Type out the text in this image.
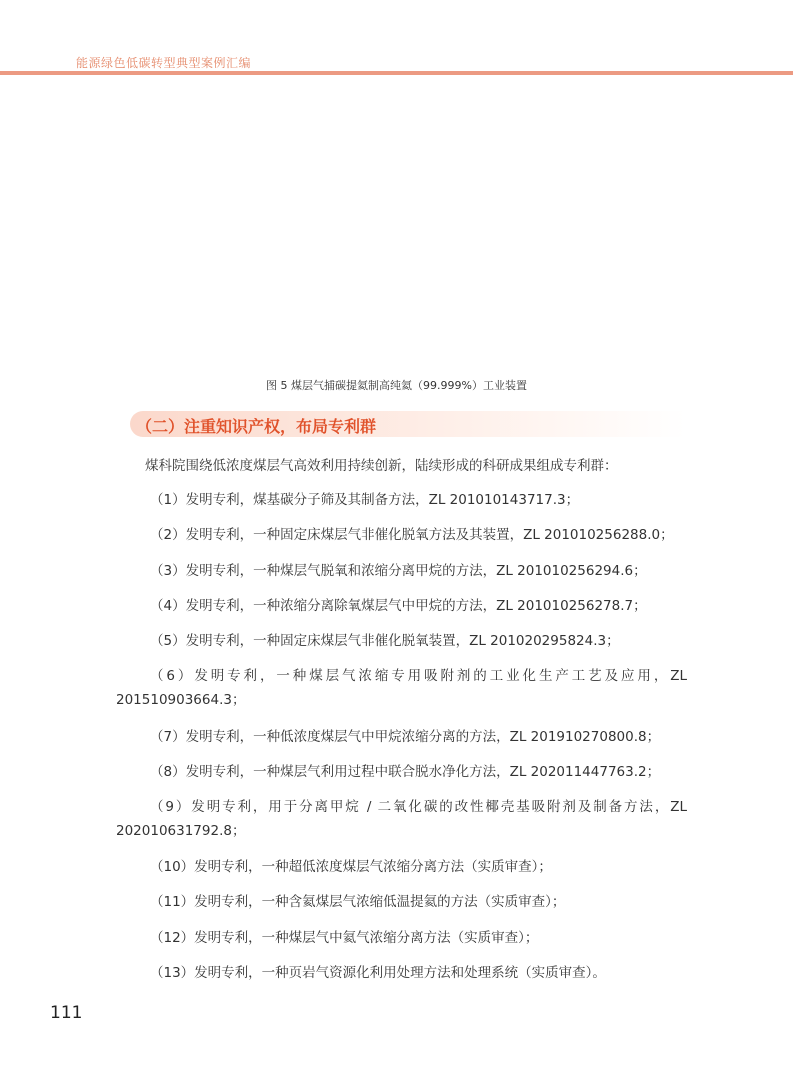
能源绿色低碳转型典型案例汇编
图 5 煤层气捕碳提氦制高纯氦（99.999%）工业装置
（二）注重知识产权，布局专利群

煤科院围绕低浓度煤层气高效利用持续创新，陆续形成的科研成果组成专利群：

（1）发明专利，煤基碳分子筛及其制备方法，ZL 201010143717.3；

（2）发明专利，一种固定床煤层气非催化脱氧方法及其装置，ZL 201010256288.0；

（3）发明专利，一种煤层气脱氧和浓缩分离甲烷的方法，ZL 201010256294.6；

（4）发明专利，一种浓缩分离除氧煤层气中甲烷的方法，ZL 201010256278.7；

（5）发明专利，一种固定床煤层气非催化脱氧装置，ZL 201020295824.3；

（6）发明专利，一种煤层气浓缩专用吸附剂的工业化生产工艺及应用，ZL 201510903664.3；

（7）发明专利，一种低浓度煤层气中甲烷浓缩分离的方法，ZL 201910270800.8；

（8）发明专利，一种煤层气利用过程中联合脱水净化方法，ZL 202011447763.2；

（9）发明专利，用于分离甲烷 / 二氧化碳的改性椰壳基吸附剂及制备方法，ZL 202010631792.8；

（10）发明专利，一种超低浓度煤层气浓缩分离方法（实质审查）；

（11）发明专利，一种含氦煤层气浓缩低温提氦的方法（实质审查）；

（12）发明专利，一种煤层气中氦气浓缩分离方法（实质审查）；

（13）发明专利，一种页岩气资源化利用处理方法和处理系统（实质审查）。

111
